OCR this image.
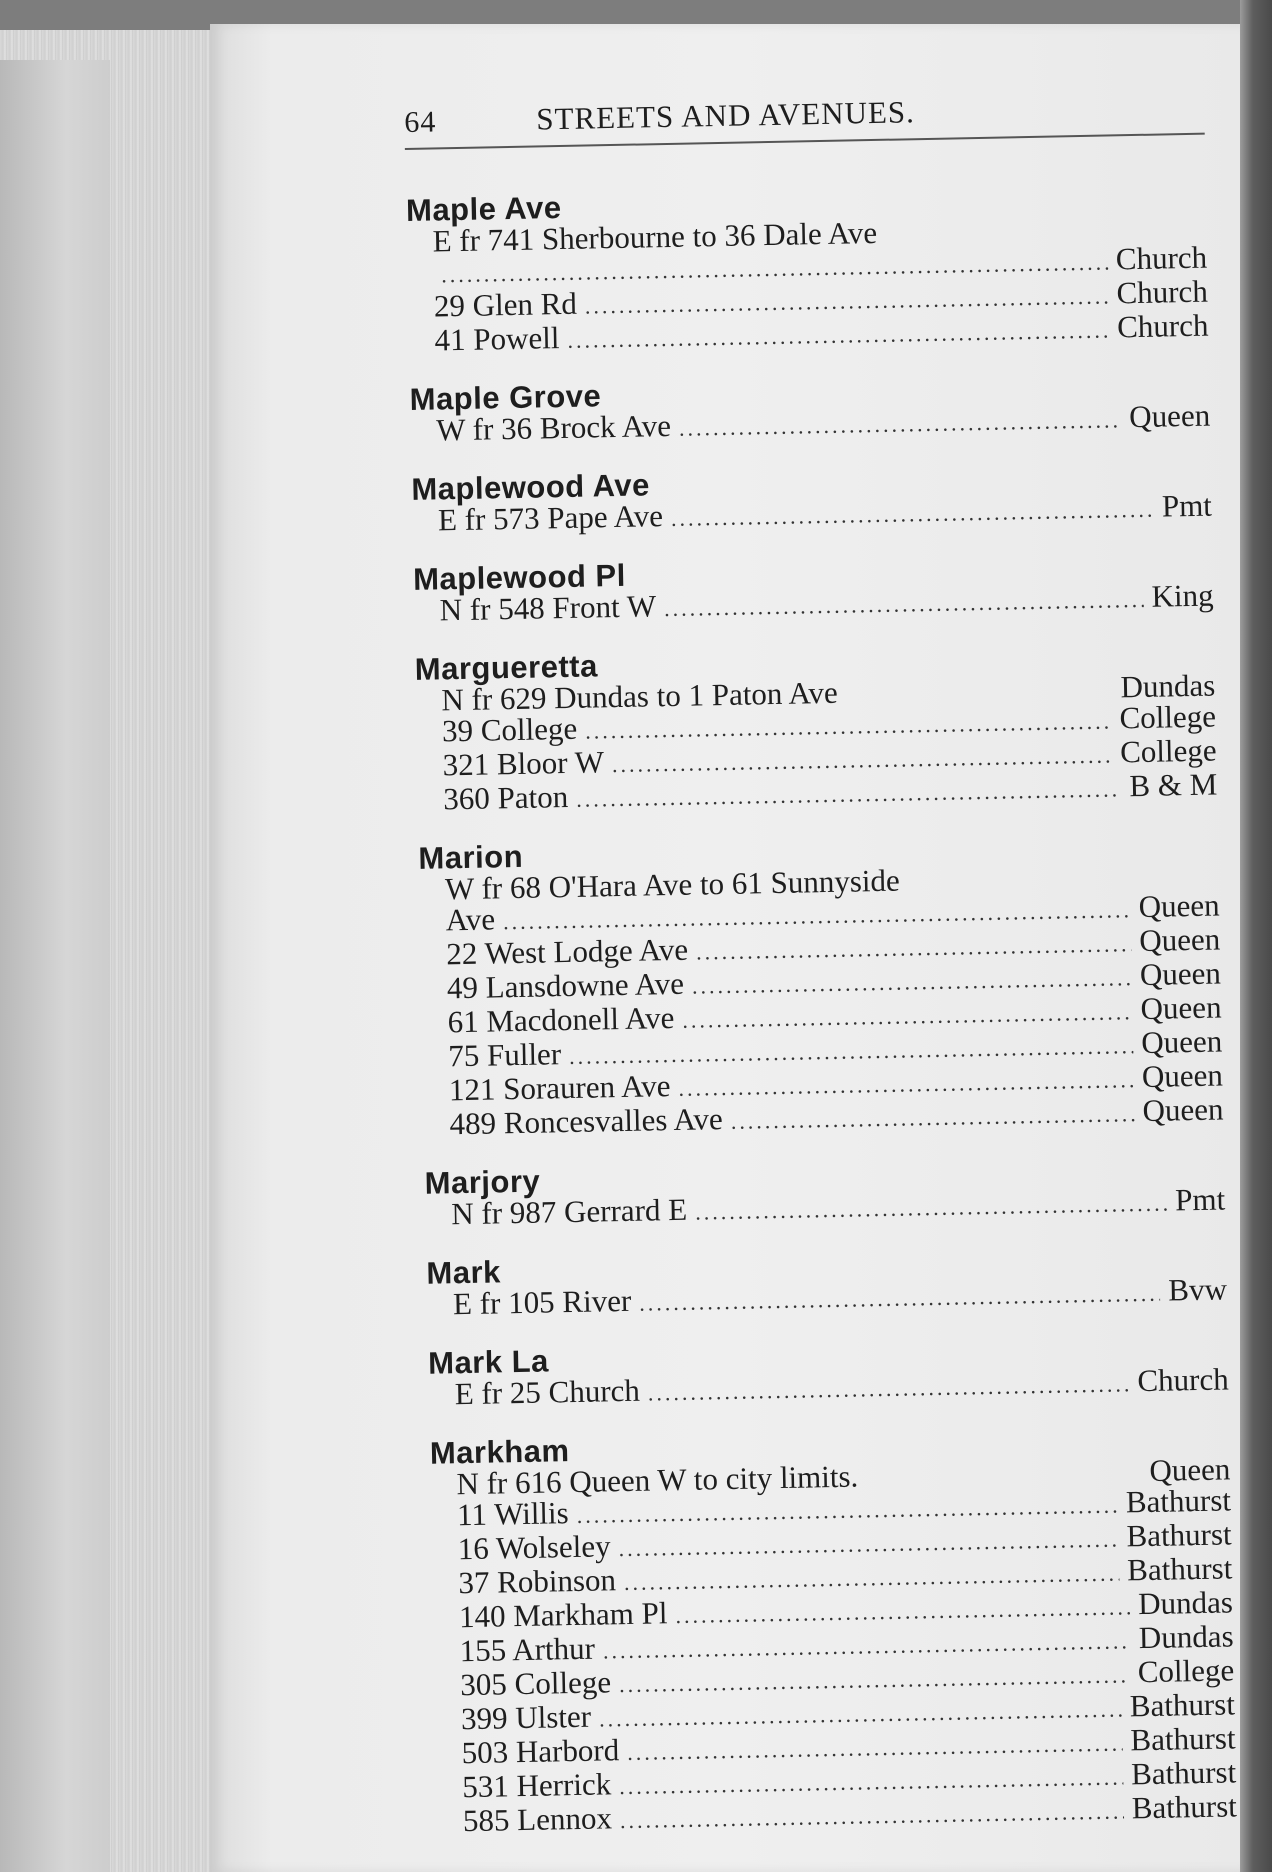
64	STREETS AND AVENUES.
Maple Ave
E fr 741 Sherbourne to 36 Dale Ave .....	Church
29 Glen Rd .....	Church
41 Powell .....	Church
Maple Grove
W fr 36 Brock Ave .....	Queen
Maplewood Ave
E fr 573 Pape Ave .....	Pmt
Maplewood Pl
N fr 548 Front W .....	King
Margueretta
N fr 629 Dundas to 1 Paton Ave	Dundas
39 College .....	College
321 Bloor W .....	College
360 Paton .....	B & M
Marion
W fr 68 O'Hara Ave to 61 Sunnyside
Ave .....	Queen
22 West Lodge Ave .....	Queen
49 Lansdowne Ave .....	Queen
61 Macdonell Ave .....	Queen
75 Fuller .....	Queen
121 Sorauren Ave .....	Queen
489 Roncesvalles Ave .....	Queen
Marjory
N fr 987 Gerrard E .....	Pmt
Mark
E fr 105 River .....	Bvw
Mark La
E fr 25 Church .....	Church
Markham
N fr 616 Queen W to city limits.	Queen
11 Willis .....	Bathurst
16 Wolseley .....	Bathurst
37 Robinson .....	Bathurst
140 Markham Pl .....	Dundas
155 Arthur .....	Dundas
305 College .....	College
399 Ulster .....	Bathurst
503 Harbord .....	Bathurst
531 Herrick .....	Bathurst
585 Lennox .....	Bathurst
